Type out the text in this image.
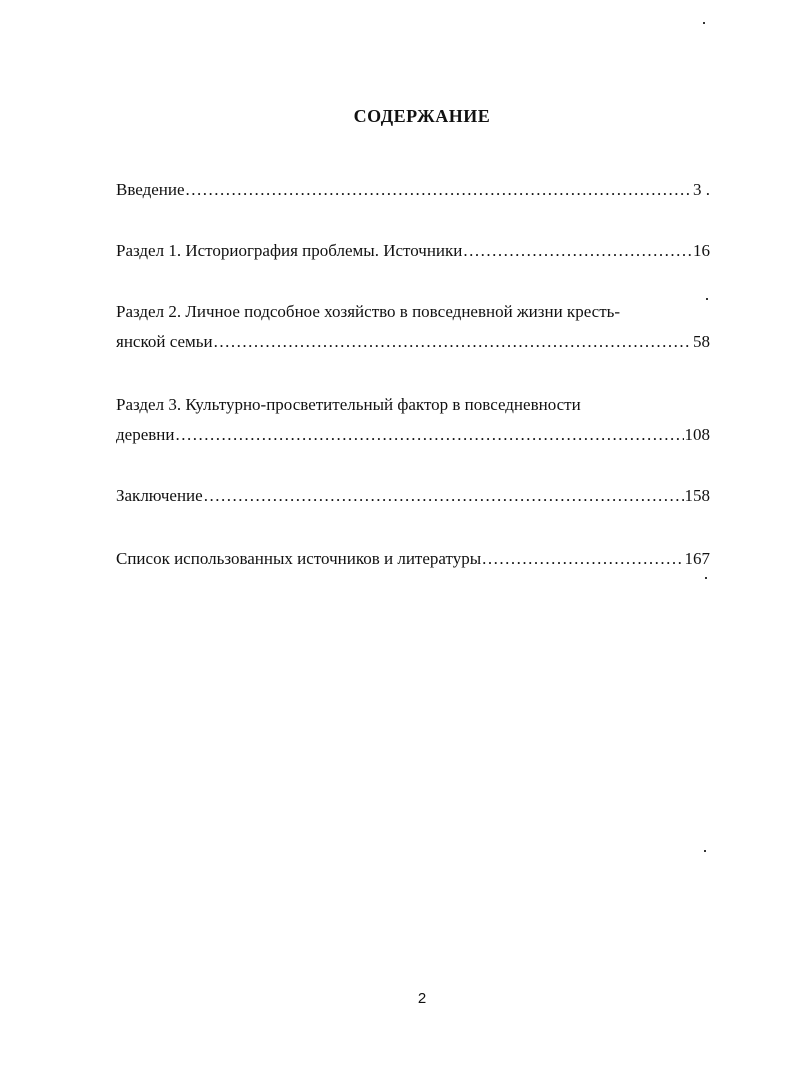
СОДЕРЖАНИЕ
Введение .....	3 .
Раздел 1. Историография проблемы. Источники .....	16
Раздел 2. Личное подсобное хозяйство в повседневной жизни кресть-
янской семьи .....	58
Раздел 3. Культурно-просветительный фактор в повседневности
деревни .....	108
Заключение .....	158
Список использованных источников и литературы .....	167
2
